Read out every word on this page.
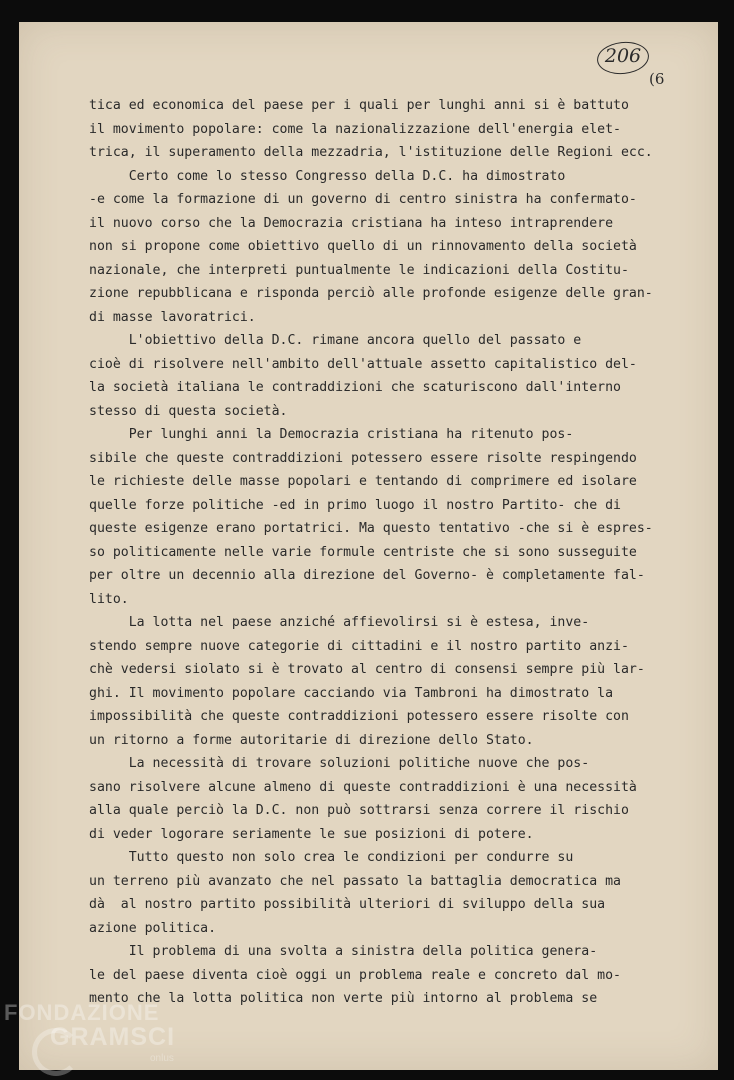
206
(6
tica ed economica del paese per i quali per lunghi anni si è battuto
il movimento popolare: come la nazionalizzazione dell'energia elet-
trica, il superamento della mezzadria, l'istituzione delle Regioni ecc.
Certo come lo stesso Congresso della D.C. ha dimostrato
-e come la formazione di un governo di centro sinistra ha confermato-
il nuovo corso che la Democrazia cristiana ha inteso intraprendere
non si propone come obiettivo quello di un rinnovamento della società
nazionale, che interpreti puntualmente le indicazioni della Costitu-
zione repubblicana e risponda perciò alle profonde esigenze delle gran-
di masse lavoratrici.
L'obiettivo della D.C. rimane ancora quello del passato e
cioè di risolvere nell'ambito dell'attuale assetto capitalistico del-
la società italiana le contraddizioni che scaturiscono dall'interno
stesso di questa società.
Per lunghi anni la Democrazia cristiana ha ritenuto pos-
sibile che queste contraddizioni potessero essere risolte respingendo
le richieste delle masse popolari e tentando di comprimere ed isolare
quelle forze politiche -ed in primo luogo il nostro Partito- che di
queste esigenze erano portatrici. Ma questo tentativo -che si è espres-
so politicamente nelle varie formule centriste che si sono susseguite
per oltre un decennio alla direzione del Governo- è completamente fal-
lito.
La lotta nel paese anziché affievolirsi si è estesa, inve-
stendo sempre nuove categorie di cittadini e il nostro partito anzi-
chè vedersi siolato si è trovato al centro di consensi sempre più lar-
ghi. Il movimento popolare cacciando via Tambroni ha dimostrato la
impossibilità che queste contraddizioni potessero essere risolte con
un ritorno a forme autoritarie di direzione dello Stato.
La necessità di trovare soluzioni politiche nuove che pos-
sano risolvere alcune almeno di queste contraddizioni è una necessità
alla quale perciò la D.C. non può sottrarsi senza correre il rischio
di veder logorare seriamente le sue posizioni di potere.
Tutto questo non solo crea le condizioni per condurre su
un terreno più avanzato che nel passato la battaglia democratica ma
dà  al nostro partito possibilità ulteriori di sviluppo della sua
azione politica.
Il problema di una svolta a sinistra della politica genera-
le del paese diventa cioè oggi un problema reale e concreto dal mo-
mento che la lotta politica non verte più intorno al problema se
FONDAZIONE
GRAMSCI
onlus
